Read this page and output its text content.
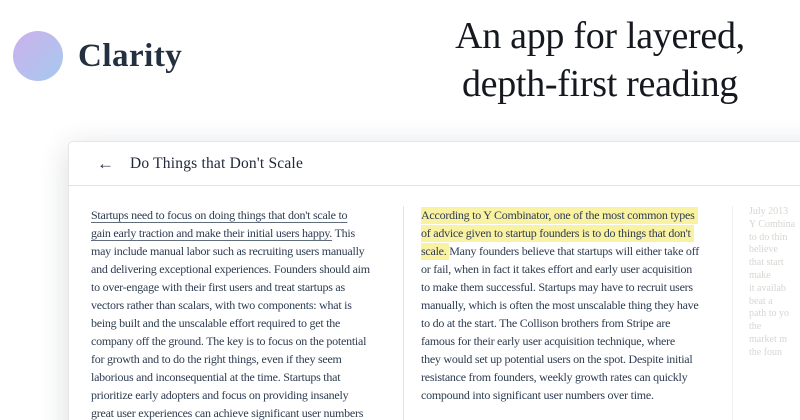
Clarity	An app for layered,
depth-first reading
← Do Things that Don't Scale
Startups need to focus on doing things that don't scale to
gain early traction and make their initial users happy. This
may include manual labor such as recruiting users manually
and delivering exceptional experiences. Founders should aim
to over-engage with their first users and treat startups as
vectors rather than scalars, with two components: what is
being built and the unscalable effort required to get the
company off the ground. The key is to focus on the potential
for growth and to do the right things, even if they seem
laborious and inconsequential at the time. Startups that
prioritize early adopters and focus on providing insanely
great user experiences can achieve significant user numbers
According to Y Combinator, one of the most common types
of advice given to startup founders is to do things that don't
scale. Many founders believe that startups will either take off
or fail, when in fact it takes effort and early user acquisition
to make them successful. Startups may have to recruit users
manually, which is often the most unscalable thing they have
to do at the start. The Collison brothers from Stripe are
famous for their early user acquisition technique, where
they would set up potential users on the spot. Despite initial
resistance from founders, weekly growth rates can quickly
compound into significant user numbers over time.
July 2013
Y Combina
to do thin
believe
that start
make
it availab
beat a
path to yo
the
market m
the foun
